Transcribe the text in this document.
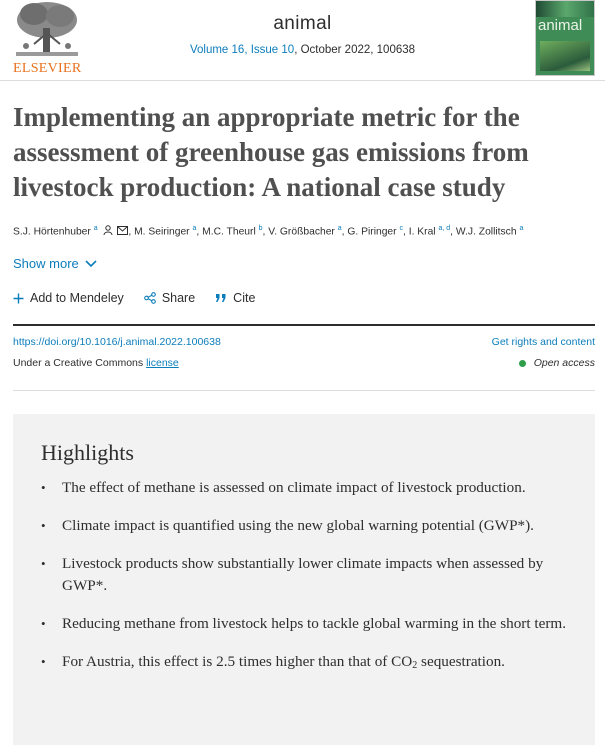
ELSEVIER
animal
Volume 16, Issue 10, October 2022, 100638
animal
Implementing an appropriate metric for the assessment of greenhouse gas emissions from livestock production: A national case study
S.J. Hörtenhuber $^a$	, M. Seiringer $^a$, M.C. Theurl $^b$, V. Größbacher $^a$, G. Piringer $^c$, I. Kral $^{a, d}$, W.J. Zollitsch $^a$
Show more
Add to Mendeley	Share	Cite
https://doi.org/10.1016/j.animal.2022.100638	Get rights and content
Under a Creative Commons license	Open access
Highlights
• The effect of methane is assessed on climate impact of livestock production.
• Climate impact is quantified using the new global warning potential (GWP*).
• Livestock products show substantially lower climate impacts when assessed by GWP*.
• Reducing methane from livestock helps to tackle global warming in the short term.
• For Austria, this effect is 2.5 times higher than that of $CO_2$ sequestration.
